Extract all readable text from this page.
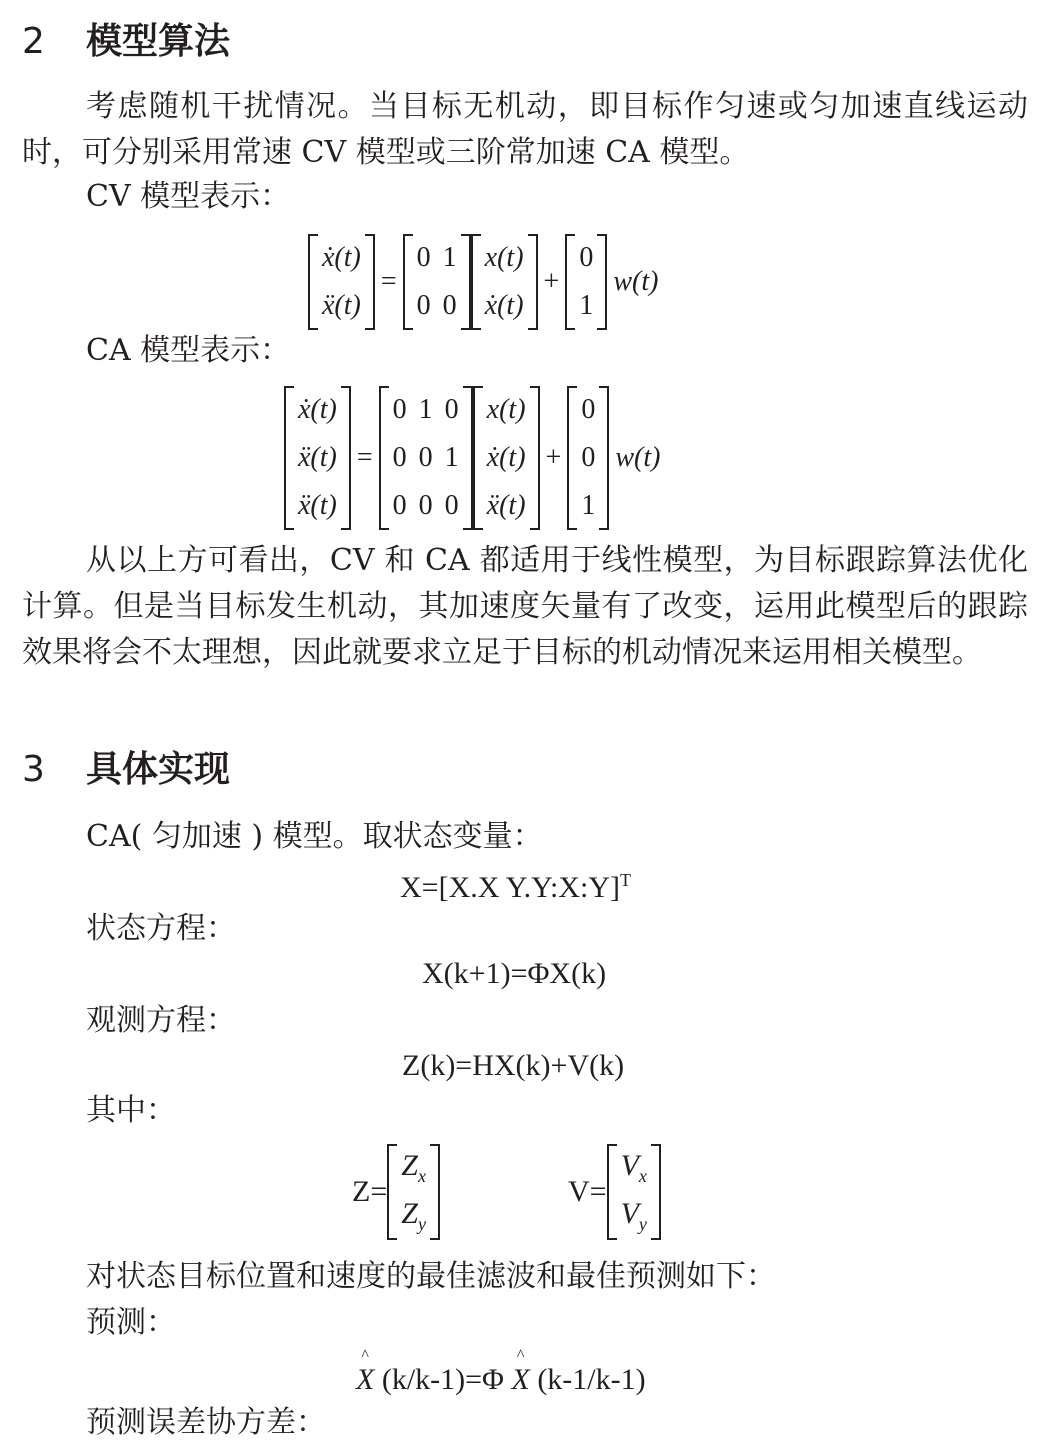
2 模型算法

考虑随机干扰情况。当目标无机动，即目标作匀速或匀加速直线运动时，可分别采用常速 CV 模型或三阶常加速 CA 模型。

CV 模型表示：
ẋ(t)
ẍ(t)
=
0	1
0	0
x(t)
ẋ(t)
+
0
1
w(t)
CA 模型表示：
ẋ(t)
ẍ(t)
ẍ(t)
=
0	1	0
0	0	1
0	0	0
x(t)
ẋ(t)
ẍ(t)
+
0
0
1
w(t)

从以上方可看出，CV 和 CA 都适用于线性模型，为目标跟踪算法优化计算。但是当目标发生机动，其加速度矢量有了改变，运用此模型后的跟踪效果将会不太理想，因此就要求立足于目标的机动情况来运用相关模型。

3 具体实现
CA( 匀加速 ) 模型。取状态变量：
X=[X.X Y.Y:X:Y]$^T$
状态方程：
X(k+1)=ΦX(k)
观测方程：
Z(k)=HX(k)+V(k)
其中：
Z=
$Z_x$
$Z_y$
V=
$V_x$
$V_y$
对状态目标位置和速度的最佳滤波和最佳预测如下：
预测：
^ X (k/k-1)=Φ ^ X (k-1/k-1)
预测误差协方差：
